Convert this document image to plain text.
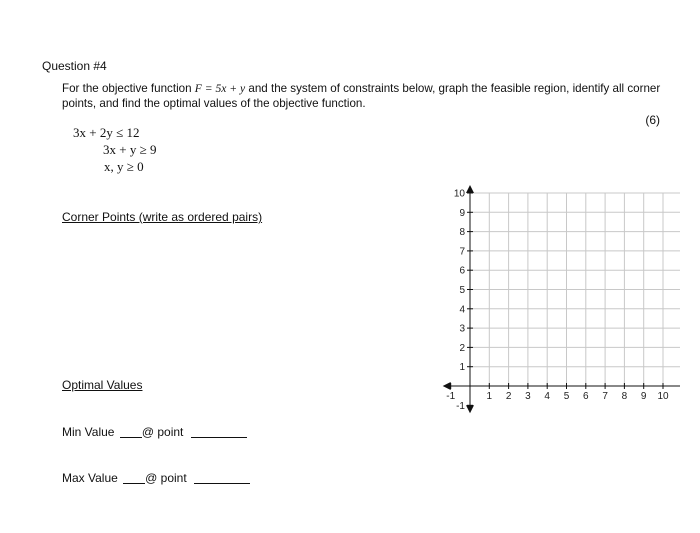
Question #4
For the objective function F = 5x + y and the system of constraints below, graph the feasible region, identify all corner points, and find the optimal values of the objective function.
(6)
3x + 2y ≤ 12
3x + y ≥ 9
x, y ≥ 0
Corner Points (write as ordered pairs)
Optimal Values
Min Value @ point
Max Value @ point
-1	1 2 3 4 5 6 7 8 9 10
10
9
8
7
6
5
4
3
2
1
-1
